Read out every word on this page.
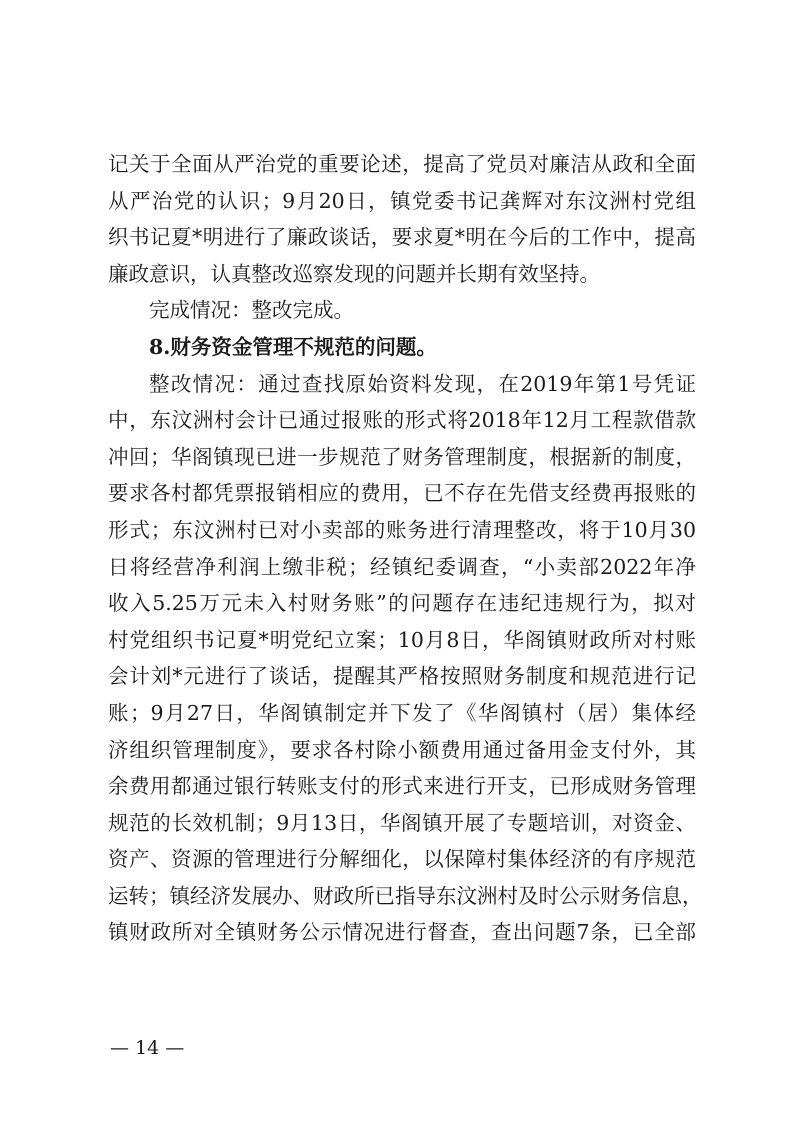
记关于全面从严治党的重要论述，提高了党员对廉洁从政和全面
从严治党的认识；9月20日，镇党委书记龚辉对东汶洲村党组
织书记夏*明进行了廉政谈话，要求夏*明在今后的工作中，提高
廉政意识，认真整改巡察发现的问题并长期有效坚持。
完成情况：整改完成。
8.财务资金管理不规范的问题。
整改情况：通过查找原始资料发现，在2019年第1号凭证
中，东汶洲村会计已通过报账的形式将2018年12月工程款借款
冲回；华阁镇现已进一步规范了财务管理制度，根据新的制度，
要求各村都凭票报销相应的费用，已不存在先借支经费再报账的
形式；东汶洲村已对小卖部的账务进行清理整改，将于10月30
日将经营净利润上缴非税；经镇纪委调查，“小卖部2022年净
收入5.25万元未入村财务账”的问题存在违纪违规行为，拟对
村党组织书记夏*明党纪立案；10月8日，华阁镇财政所对村账
会计刘*元进行了谈话，提醒其严格按照财务制度和规范进行记
账；9月27日，华阁镇制定并下发了《华阁镇村（居）集体经
济组织管理制度》，要求各村除小额费用通过备用金支付外，其
余费用都通过银行转账支付的形式来进行开支，已形成财务管理
规范的长效机制；9月13日，华阁镇开展了专题培训，对资金、
资产、资源的管理进行分解细化，以保障村集体经济的有序规范
运转；镇经济发展办、财政所已指导东汶洲村及时公示财务信息，
镇财政所对全镇财务公示情况进行督查，查出问题7条，已全部
— 14 —
